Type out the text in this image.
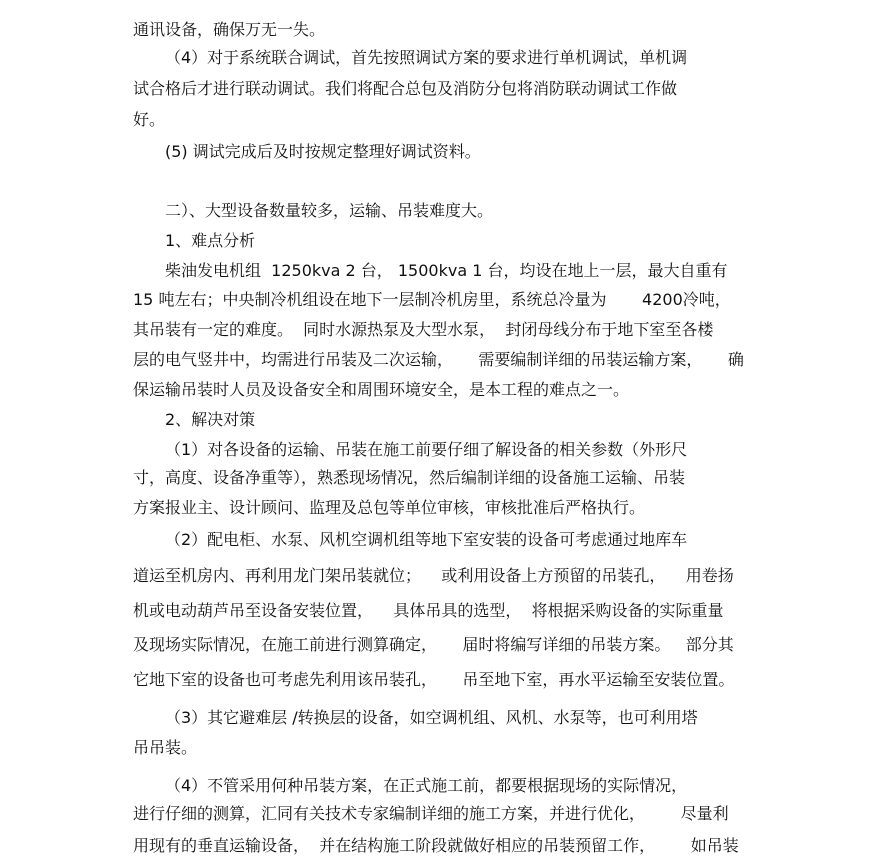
通讯设备，确保万无一失。

（4）对于系统联合调试，首先按照调试方案的要求进行单机调试，单机调

试合格后才进行联动调试。我们将配合总包及消防分包将消防联动调试工作做

好。

(5) 调试完成后及时按规定整理好调试资料。

二）、大型设备数量较多，运输、吊装难度大。

1、难点分析

柴油发电机组  1250kva 2 台， 1500kva 1 台，均设在地上一层，最大自重有

15 吨左右；中央制冷机组设在地下一层制冷机房里，系统总冷量为       4200冷吨，

其吊装有一定的难度。  同时水源热泵及大型水泵，  封闭母线分布于地下室至各楼

层的电气竖井中，均需进行吊装及二次运输，     需要编制详细的吊装运输方案，     确

保运输吊装时人员及设备安全和周围环境安全，是本工程的难点之一。

2、解决对策

（1）对各设备的运输、吊装在施工前要仔细了解设备的相关参数（外形尺

寸，高度、设备净重等），熟悉现场情况，然后编制详细的设备施工运输、吊装

方案报业主、设计顾问、监理及总包等单位审核，审核批准后严格执行。

（2）配电柜、水泵、风机空调机组等地下室安装的设备可考虑通过地库车

道运至机房内、再利用龙门架吊装就位；    或利用设备上方预留的吊装孔，    用卷扬

机或电动葫芦吊至设备安装位置，    具体吊具的选型，  将根据采购设备的实际重量

及现场实际情况，在施工前进行测算确定，     届时将编写详细的吊装方案。   部分其

它地下室的设备也可考虑先利用该吊装孔，     吊至地下室，再水平运输至安装位置。

（3）其它避难层 /转换层的设备，如空调机组、风机、水泵等，也可利用塔

吊吊装。

（4）不管采用何种吊装方案，在正式施工前，都要根据现场的实际情况，

进行仔细的测算，汇同有关技术专家编制详细的施工方案，并进行优化，       尽量利

用现有的垂直运输设备，  并在结构施工阶段就做好相应的吊装预留工作，       如吊装
